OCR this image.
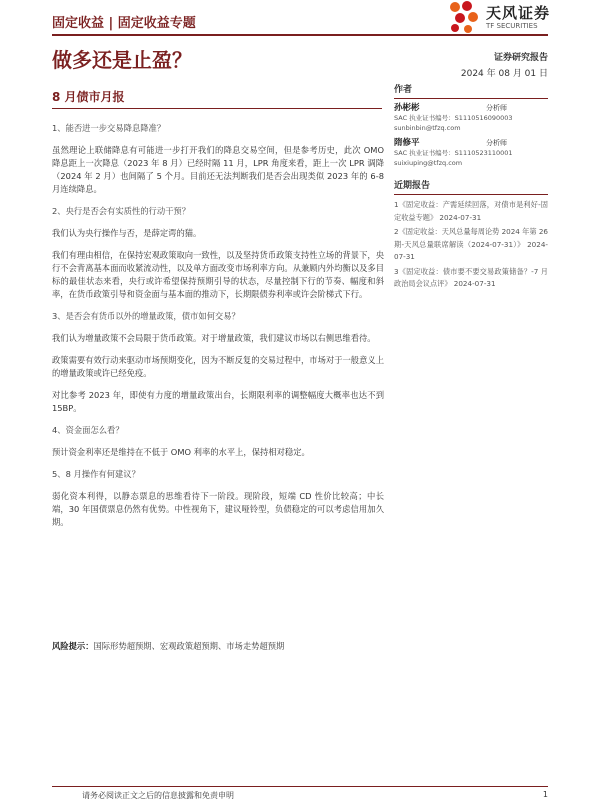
固定收益 | 固定收益专题
天风证券
TF SECURITIES
做多还是止盈？	证券研究报告
2024 年 08 月 01 日
8 月债市月报
1、能否进一步交易降息降准？
虽然理论上联储降息有可能进一步打开我们的降息交易空间，但是参考历史，此次 OMO 降息距上一次降息（2023 年 8 月）已经时隔 11 月，LPR 角度来看，距上一次 LPR 调降（2024 年 2 月）也间隔了 5 个月。目前还无法判断我们是否会出现类似 2023 年的 6-8 月连续降息。
2、央行是否会有实质性的行动干预？
我们认为央行操作与否，是薛定谔的猫。
我们有理由相信，在保持宏观政策取向一致性，以及坚持货币政策支持性立场的背景下，央行不会背离基本面而收紧流动性，以及单方面改变市场利率方向。从兼顾内外均衡以及多目标的最佳状态来看，央行或许希望保持预期引导的状态，尽量控制下行的节奏、幅度和斜率，在货币政策引导和资金面与基本面的推动下，长期限债券利率或许会阶梯式下行。
3、是否会有货币以外的增量政策，债市如何交易？
我们认为增量政策不会局限于货币政策。对于增量政策，我们建议市场以右侧思维看待。
政策需要有效行动来驱动市场预期变化，因为不断反复的交易过程中，市场对于一般意义上的增量政策或许已经免疫。
对比参考 2023 年，即使有力度的增量政策出台，长期限利率的调整幅度大概率也达不到 15BP。
4、资金面怎么看？
预计资金利率还是维持在不低于 OMO 利率的水平上，保持相对稳定。
5、8 月操作有何建议？
弱化资本利得，以静态票息的思维看待下一阶段。现阶段，短端 CD 性价比较高；中长端，30 年国债票息仍然有优势。中性视角下，建议哑铃型，负债稳定的可以考虑信用加久期。
作者
孙彬彬	分析师
SAC 执业证书编号：S1110516090003
sunbinbin@tfzq.com
隋修平	分析师
SAC 执业证书编号：S1110523110001
suixiuping@tfzq.com
近期报告
1《固定收益：产需延续回落，对债市是利好-固定收益专题》 2024-07-31
2《固定收益：天风总量每周论势 2024 年第 26 期-天风总量联席解读（2024-07-31）》 2024-07-31
3《固定收益：债市要不要交易政策储备？-7 月政治局会议点评》 2024-07-31
风险提示：国际形势超预期、宏观政策超预期、市场走势超预期
请务必阅读正文之后的信息披露和免责申明	1
